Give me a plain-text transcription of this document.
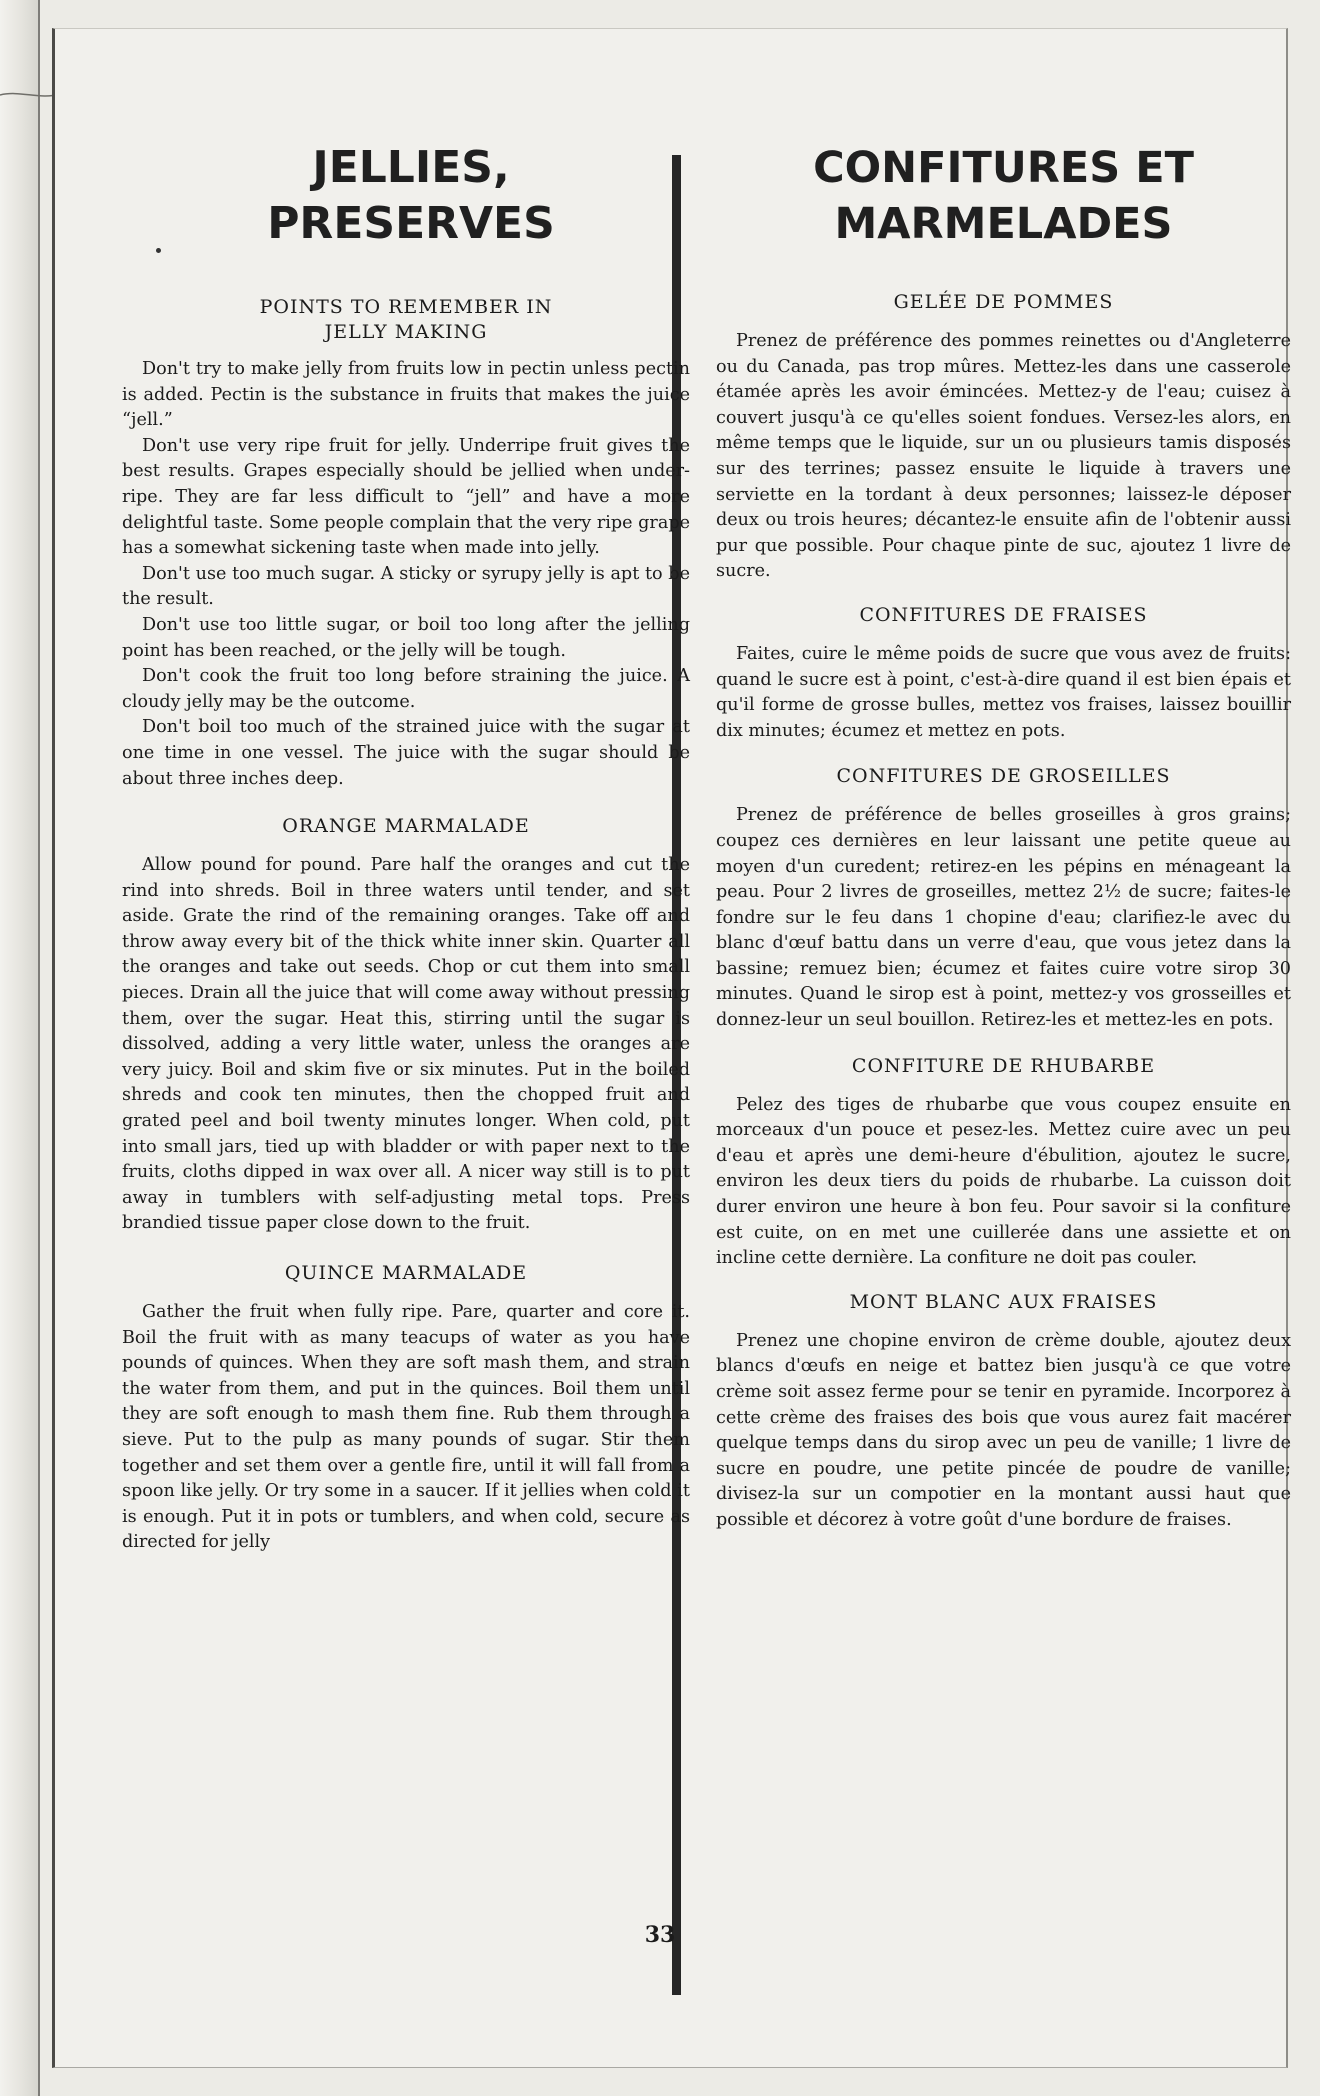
JELLIES,
PRESERVES
POINTS TO REMEMBER IN
JELLY MAKING

Don't try to make jelly from fruits low in pectin unless pectin is added. Pectin is the substance in fruits that makes the juice “jell.”

Don't use very ripe fruit for jelly. Underripe fruit gives the best results. Grapes especially should be jellied when under-ripe. They are far less difficult to “jell” and have a more delightful taste. Some people complain that the very ripe grape has a somewhat sickening taste when made into jelly.

Don't use too much sugar. A sticky or syrupy jelly is apt to be the result.

Don't use too little sugar, or boil too long after the jelling point has been reached, or the jelly will be tough.

Don't cook the fruit too long before straining the juice. A cloudy jelly may be the outcome.

Don't boil too much of the strained juice with the sugar at one time in one vessel. The juice with the sugar should be about three inches deep.

ORANGE MARMALADE

Allow pound for pound. Pare half the oranges and cut the rind into shreds. Boil in three waters until tender, and set aside. Grate the rind of the remaining oranges. Take off and throw away every bit of the thick white inner skin. Quarter all the oranges and take out seeds. Chop or cut them into small pieces. Drain all the juice that will come away without pressing them, over the sugar. Heat this, stirring until the sugar is dissolved, adding a very little water, unless the oranges are very juicy. Boil and skim five or six minutes. Put in the boiled shreds and cook ten minutes, then the chopped fruit and grated peel and boil twenty minutes longer. When cold, put into small jars, tied up with bladder or with paper next to the fruits, cloths dipped in wax over all. A nicer way still is to put away in tumblers with self-adjusting metal tops. Press brandied tissue paper close down to the fruit.

QUINCE MARMALADE

Gather the fruit when fully ripe. Pare, quarter and core it. Boil the fruit with as many teacups of water as you have pounds of quinces. When they are soft mash them, and strain the water from them, and put in the quinces. Boil them until they are soft enough to mash them fine. Rub them through a sieve. Put to the pulp as many pounds of sugar. Stir them together and set them over a gentle fire, until it will fall from a spoon like jelly. Or try some in a saucer. If it jellies when cold it is enough. Put it in pots or tumblers, and when cold, secure as directed for jelly

CONFITURES ET
MARMELADES
GELÉE DE POMMES

Prenez de préférence des pommes reinettes ou d'Angleterre ou du Canada, pas trop mûres. Mettez-les dans une casserole étamée après les avoir émincées. Mettez-y de l'eau; cuisez à couvert jusqu'à ce qu'elles soient fondues. Versez-les alors, en même temps que le liquide, sur un ou plusieurs tamis disposés sur des terrines; passez ensuite le liquide à travers une serviette en la tordant à deux personnes; laissez-le déposer deux ou trois heures; décantez-le ensuite afin de l'obtenir aussi pur que possible. Pour chaque pinte de suc, ajoutez 1 livre de sucre.

CONFITURES DE FRAISES

Faites, cuire le même poids de sucre que vous avez de fruits: quand le sucre est à point, c'est-à-dire quand il est bien épais et qu'il forme de grosse bulles, mettez vos fraises, laissez bouillir dix minutes; écumez et mettez en pots.

CONFITURES DE GROSEILLES

Prenez de préférence de belles groseilles à gros grains; coupez ces dernières en leur laissant une petite queue au moyen d'un curedent; retirez-en les pépins en ménageant la peau. Pour 2 livres de groseilles, mettez 2½ de sucre; faites-le fondre sur le feu dans 1 chopine d'eau; clarifiez-le avec du blanc d'œuf battu dans un verre d'eau, que vous jetez dans la bassine; remuez bien; écumez et faites cuire votre sirop 30 minutes. Quand le sirop est à point, mettez-y vos grosseilles et donnez-leur un seul bouillon. Retirez-les et mettez-les en pots.

CONFITURE DE RHUBARBE

Pelez des tiges de rhubarbe que vous coupez ensuite en morceaux d'un pouce et pesez-les. Mettez cuire avec un peu d'eau et après une demi-heure d'ébulition, ajoutez le sucre, environ les deux tiers du poids de rhubarbe. La cuisson doit durer environ une heure à bon feu. Pour savoir si la confiture est cuite, on en met une cuillerée dans une assiette et on incline cette dernière. La confiture ne doit pas couler.

MONT BLANC AUX FRAISES

Prenez une chopine environ de crème double, ajoutez deux blancs d'œufs en neige et battez bien jusqu'à ce que votre crème soit assez ferme pour se tenir en pyramide. Incorporez à cette crème des fraises des bois que vous aurez fait macérer quelque temps dans du sirop avec un peu de vanille; 1 livre de sucre en poudre, une petite pincée de poudre de vanille; divisez-la sur un compotier en la montant aussi haut que possible et décorez à votre goût d'une bordure de fraises.

33
